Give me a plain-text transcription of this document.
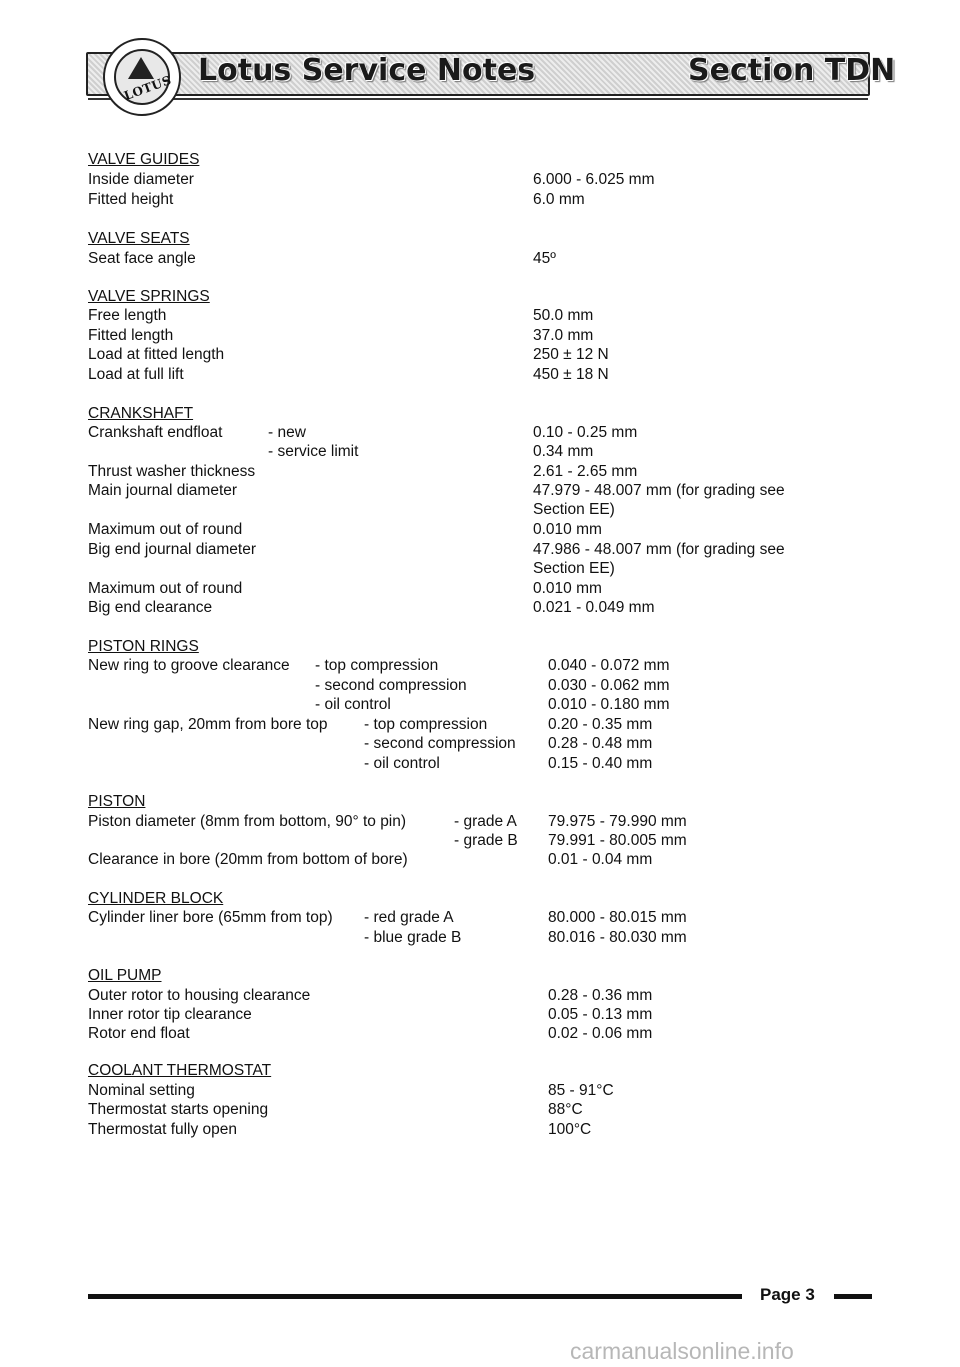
LOTUS
Lotus Service Notes	Section TDN
VALVE GUIDES
Inside diameter	6.000 - 6.025 mm
Fitted height	6.0 mm
VALVE SEATS
Seat face angle	45º
VALVE SPRINGS
Free length	50.0 mm
Fitted length	37.0 mm
Load at fitted length	250 ± 12 N
Load at full lift	450 ± 18 N
CRANKSHAFT
Crankshaft endfloat	- new	0.10 - 0.25 mm
- service limit	0.34 mm
Thrust washer thickness	2.61 - 2.65 mm
Main journal diameter	47.979 - 48.007 mm (for grading see
Section EE)
Maximum out of round	0.010 mm
Big end journal diameter	47.986 - 48.007 mm (for grading see
Section EE)
Maximum out of round	0.010 mm
Big end clearance	0.021 - 0.049 mm
PISTON RINGS
New ring to groove clearance - top compression	0.040 - 0.072 mm
- second compression	0.030 - 0.062 mm
- oil control	0.010 - 0.180 mm
New ring gap, 20mm from bore top - top compression	0.20 - 0.35 mm
- second compression 0.28 - 0.48 mm
- oil control	0.15 - 0.40 mm
PISTON
Piston diameter (8mm from bottom, 90° to pin)	- grade A 79.975 - 79.990 mm
- grade B 79.991 - 80.005 mm
Clearance in bore (20mm from bottom of bore)	0.01 - 0.04 mm
CYLINDER BLOCK
Cylinder liner bore (65mm from top) - red grade A	80.000 - 80.015 mm
- blue grade B	80.016 - 80.030 mm
OIL PUMP
Outer rotor to housing clearance	0.28 - 0.36 mm
Inner rotor tip clearance	0.05 - 0.13 mm
Rotor end float	0.02 - 0.06 mm
COOLANT THERMOSTAT
Nominal setting	85 - 91°C
Thermostat starts opening	88°C
Thermostat fully open	100°C
Page 3
carmanualsonline.info
